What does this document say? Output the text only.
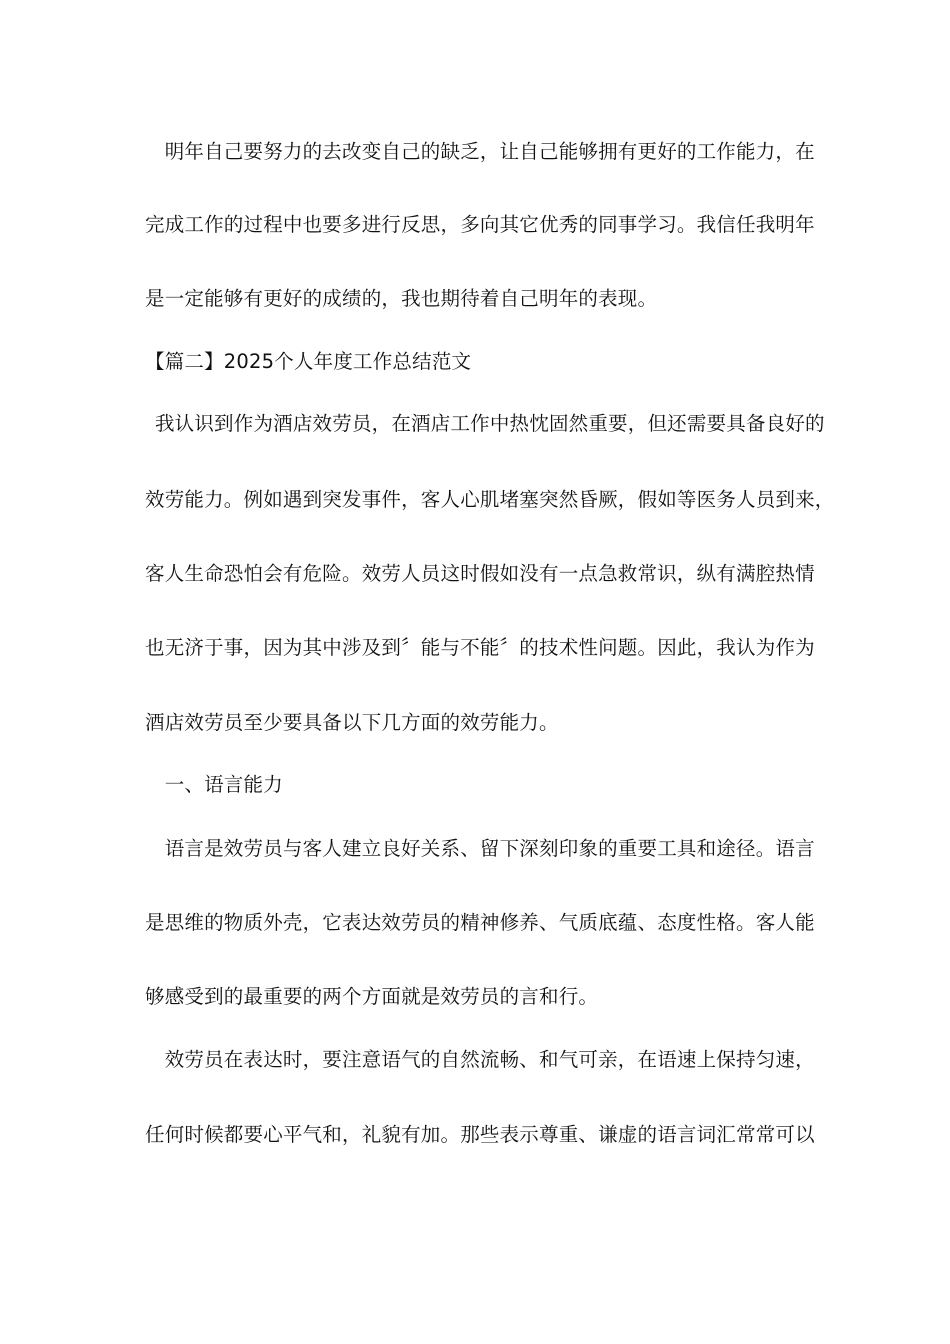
　明年自己要努力的去改变自己的缺乏，让自己能够拥有更好的工作能力，在
完成工作的过程中也要多进行反思，多向其它优秀的同事学习。我信任我明年
是一定能够有更好的成绩的，我也期待着自己明年的表现。
【篇二】2025个人年度工作总结范文
 我认识到作为酒店效劳员，在酒店工作中热忱固然重要，但还需要具备良好的
效劳能力。例如遇到突发事件，客人心肌堵塞突然昏厥，假如等医务人员到来，
客人生命恐怕会有危险。效劳人员这时假如没有一点急救常识，纵有满腔热情
也无济于事，因为其中涉及到〞能与不能〞的技术性问题。因此，我认为作为
酒店效劳员至少要具备以下几方面的效劳能力。
　一、语言能力
　语言是效劳员与客人建立良好关系、留下深刻印象的重要工具和途径。语言
是思维的物质外壳，它表达效劳员的精神修养、气质底蕴、态度性格。客人能
够感受到的最重要的两个方面就是效劳员的言和行。
　效劳员在表达时，要注意语气的自然流畅、和气可亲，在语速上保持匀速，
任何时候都要心平气和，礼貌有加。那些表示尊重、谦虚的语言词汇常常可以
